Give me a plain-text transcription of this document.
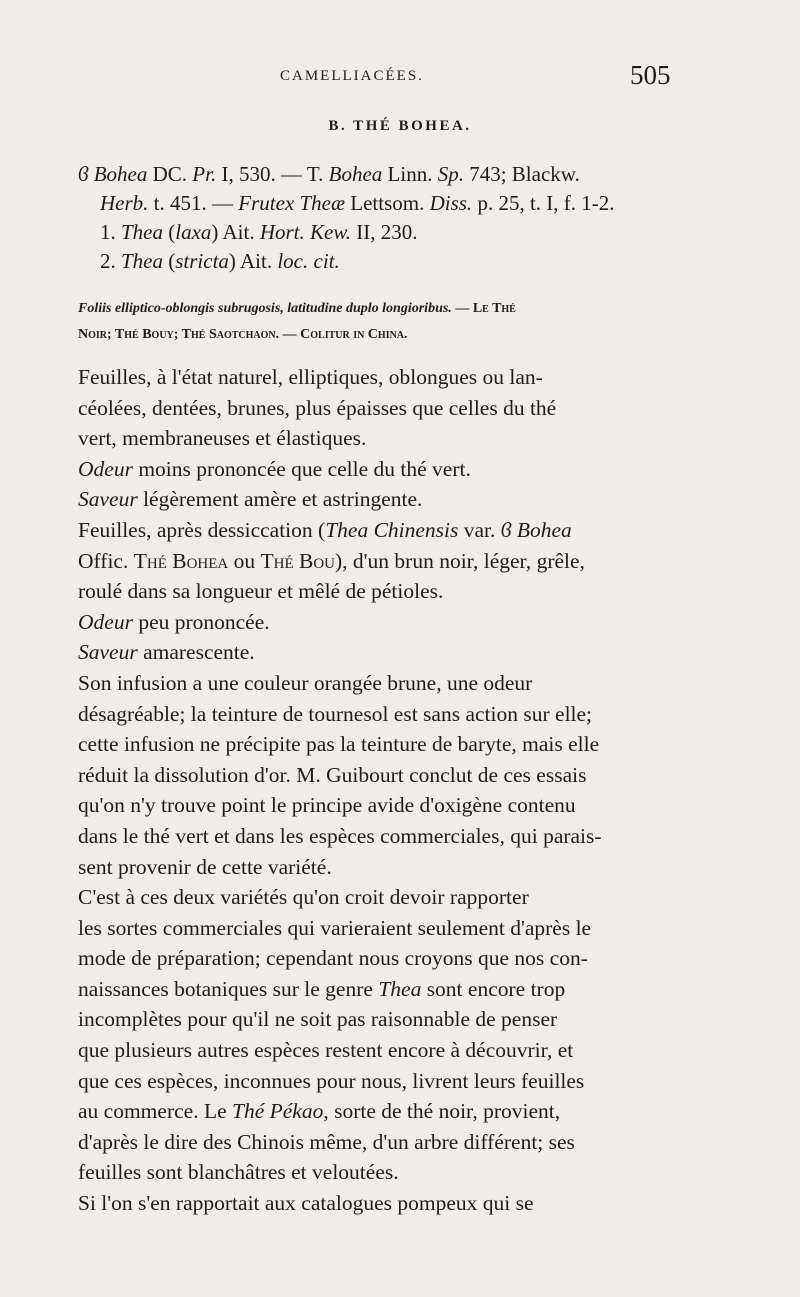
CAMELLIACÉES.	505
B. THÉ BOHEA.
ϐ Bohea DC. Pr. I, 530. — T. Bohea Linn. Sp. 743; Blackw.
Herb. t. 451. — Frutex Theæ Lettsom. Diss. p. 25, t. I, f. 1-2.
1. Thea (laxa) Ait. Hort. Kew. II, 230.
2. Thea (stricta) Ait. loc. cit.
Foliis elliptico-oblongis subrugosis, latitudine duplo longioribus. — Le Thé
Noir; Thé Bouy; Thé Saotchaon. — Colitur in China.
Feuilles, à l'état naturel, elliptiques, oblongues ou lan-
céolées, dentées, brunes, plus épaisses que celles du thé
vert, membraneuses et élastiques.
Odeur moins prononcée que celle du thé vert.
Saveur légèrement amère et astringente.
Feuilles, après dessiccation (Thea Chinensis var. ϐ Bohea
Offic. Thé Bohea ou Thé Bou), d'un brun noir, léger, grêle,
roulé dans sa longueur et mêlé de pétioles.
Odeur peu prononcée.
Saveur amarescente.
Son infusion a une couleur orangée brune, une odeur
désagréable; la teinture de tournesol est sans action sur elle;
cette infusion ne précipite pas la teinture de baryte, mais elle
réduit la dissolution d'or. M. Guibourt conclut de ces essais
qu'on n'y trouve point le principe avide d'oxigène contenu
dans le thé vert et dans les espèces commerciales, qui parais-
sent provenir de cette variété.
C'est à ces deux variétés qu'on croit devoir rapporter
les sortes commerciales qui varieraient seulement d'après le
mode de préparation; cependant nous croyons que nos con-
naissances botaniques sur le genre Thea sont encore trop
incomplètes pour qu'il ne soit pas raisonnable de penser
que plusieurs autres espèces restent encore à découvrir, et
que ces espèces, inconnues pour nous, livrent leurs feuilles
au commerce. Le Thé Pékao, sorte de thé noir, provient,
d'après le dire des Chinois même, d'un arbre différent; ses
feuilles sont blanchâtres et veloutées.
Si l'on s'en rapportait aux catalogues pompeux qui se
